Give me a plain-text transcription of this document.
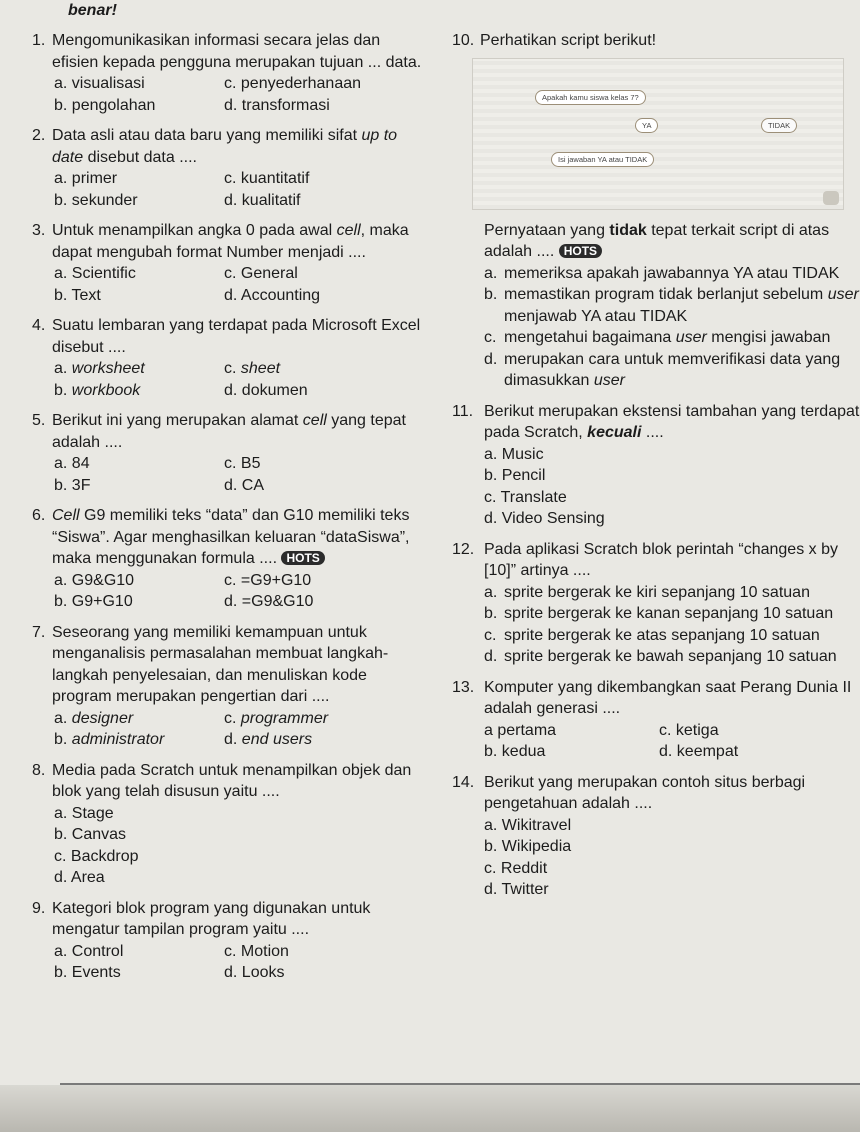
benar!
1. Mengomunikasikan informasi secara jelas dan efisien kepada pengguna merupakan tujuan ... data.
a. visualisasi	c. penyederhanaan
b. pengolahan	d. transformasi
2. Data asli atau data baru yang memiliki sifat up to date disebut data ....
a. primer	c. kuantitatif
b. sekunder	d. kualitatif
3. Untuk menampilkan angka 0 pada awal cell, maka dapat mengubah format Number menjadi ....
a. Scientific	c. General
b. Text	d. Accounting
4. Suatu lembaran yang terdapat pada Microsoft Excel disebut ....
a. worksheet	c. sheet
b. workbook	d. dokumen
5. Berikut ini yang merupakan alamat cell yang tepat adalah ....
a. 84	c. B5
b. 3F	d. CA
6. Cell G9 memiliki teks “data” dan G10 memiliki teks “Siswa”. Agar menghasilkan keluaran “dataSiswa”, maka menggunakan formula .... HOTS
a. G9&G10	c. =G9+G10
b. G9+G10	d. =G9&G10
7. Seseorang yang memiliki kemampuan untuk menganalisis permasalahan membuat langkah-langkah penyelesaian, dan menuliskan kode program merupakan pengertian dari ....
a. designer	c. programmer
b. administrator	d. end users
8. Media pada Scratch untuk menampilkan objek dan blok yang telah disusun yaitu ....
a. Stage
b. Canvas
c. Backdrop
d. Area
9. Kategori blok program yang digunakan untuk mengatur tampilan program yaitu ....
a. Control	c. Motion
b. Events	d. Looks
10. Perhatikan script berikut!
Apakah kamu siswa kelas 7?
YA	TIDAK
Isi jawaban YA atau TIDAK
Pernyataan yang tidak tepat terkait script di atas adalah .... HOTS
a. memeriksa apakah jawabannya YA atau TIDAK
b. memastikan program tidak berlanjut sebelum user menjawab YA atau TIDAK
c. mengetahui bagaimana user mengisi jawaban
d. merupakan cara untuk memverifikasi data yang dimasukkan user
11. Berikut merupakan ekstensi tambahan yang terdapat pada Scratch, kecuali ....
a. Music
b. Pencil
c. Translate
d. Video Sensing
12. Pada aplikasi Scratch blok perintah “changes x by [10]” artinya ....
a. sprite bergerak ke kiri sepanjang 10 satuan
b. sprite bergerak ke kanan sepanjang 10 satuan
c. sprite bergerak ke atas sepanjang 10 satuan
d. sprite bergerak ke bawah sepanjang 10 satuan
13. Komputer yang dikembangkan saat Perang Dunia II adalah generasi ....
a pertama	c. ketiga
b. kedua	d. keempat
14. Berikut yang merupakan contoh situs berbagi pengetahuan adalah ....
a. Wikitravel
b. Wikipedia
c. Reddit
d. Twitter
